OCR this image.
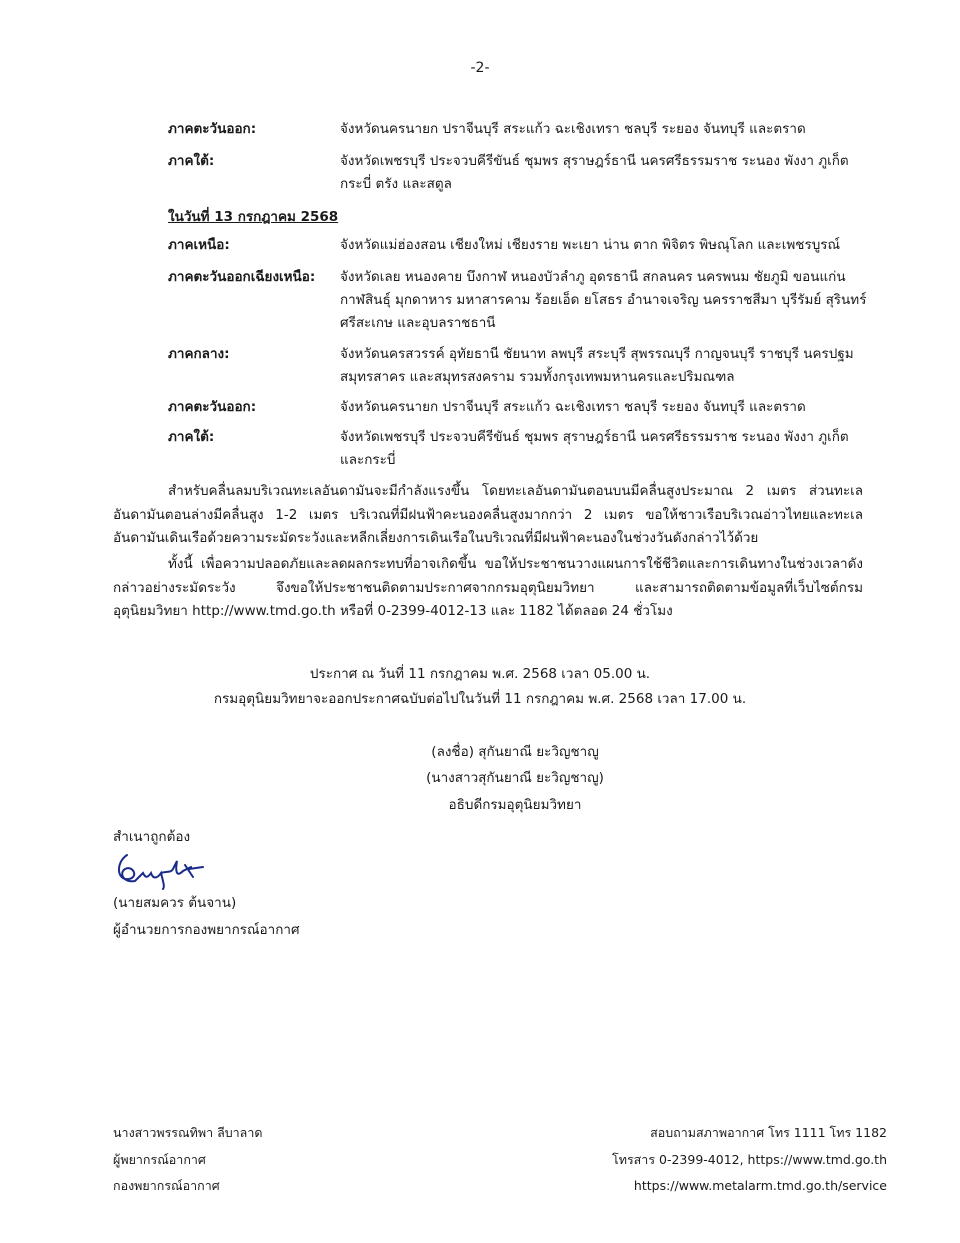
-2-
ภาคตะวันออก:	จังหวัดนครนายก ปราจีนบุรี สระแก้ว ฉะเชิงเทรา ชลบุรี ระยอง จันทบุรี และตราด
ภาคใต้:	จังหวัดเพชรบุรี ประจวบคีรีขันธ์ ชุมพร สุราษฎร์ธานี นครศรีธรรมราช ระนอง พังงา ภูเก็ต กระบี่ ตรัง และสตูล
ในวันที่ 13 กรกฎาคม 2568
ภาคเหนือ:	จังหวัดแม่ฮ่องสอน เชียงใหม่ เชียงราย พะเยา น่าน ตาก พิจิตร พิษณุโลก และเพชรบูรณ์
ภาคตะวันออกเฉียงเหนือ: จังหวัดเลย หนองคาย บึงกาฬ หนองบัวลำภู อุดรธานี สกลนคร นครพนม ชัยภูมิ ขอนแก่น กาฬสินธุ์ มุกดาหาร มหาสารคาม ร้อยเอ็ด ยโสธร อำนาจเจริญ นครราชสีมา บุรีรัมย์ สุรินทร์ ศรีสะเกษ และอุบลราชธานี
ภาคกลาง:	จังหวัดนครสวรรค์ อุทัยธานี ชัยนาท ลพบุรี สระบุรี สุพรรณบุรี กาญจนบุรี ราชบุรี นครปฐม สมุทรสาคร และสมุทรสงคราม รวมทั้งกรุงเทพมหานครและปริมณฑล
ภาคตะวันออก:	จังหวัดนครนายก ปราจีนบุรี สระแก้ว ฉะเชิงเทรา ชลบุรี ระยอง จันทบุรี และตราด
ภาคใต้:	จังหวัดเพชรบุรี ประจวบคีรีขันธ์ ชุมพร สุราษฎร์ธานี นครศรีธรรมราช ระนอง พังงา ภูเก็ต และกระบี่
สำหรับคลื่นลมบริเวณทะเลอันดามันจะมีกำลังแรงขึ้น โดยทะเลอันดามันตอนบนมีคลื่นสูงประมาณ 2 เมตร ส่วนทะเลอันดามันตอนล่างมีคลื่นสูง 1-2 เมตร บริเวณที่มีฝนฟ้าคะนองคลื่นสูงมากกว่า 2 เมตร ขอให้ชาวเรือบริเวณอ่าวไทยและทะเลอันดามันเดินเรือด้วยความระมัดระวังและหลีกเลี่ยงการเดินเรือในบริเวณที่มีฝนฟ้าคะนองในช่วงวันดังกล่าวไว้ด้วย
ทั้งนี้ เพื่อความปลอดภัยและลดผลกระทบที่อาจเกิดขึ้น ขอให้ประชาชนวางแผนการใช้ชีวิตและการเดินทางในช่วงเวลาดังกล่าวอย่างระมัดระวัง จึงขอให้ประชาชนติดตามประกาศจากกรมอุตุนิยมวิทยา และสามารถติดตามข้อมูลที่เว็บไซต์กรมอุตุนิยมวิทยา http://www.tmd.go.th หรือที่ 0-2399-4012-13 และ 1182 ได้ตลอด 24 ชั่วโมง
ประกาศ ณ วันที่ 11 กรกฎาคม พ.ศ. 2568 เวลา 05.00 น.
กรมอุตุนิยมวิทยาจะออกประกาศฉบับต่อไปในวันที่ 11 กรกฎาคม พ.ศ. 2568 เวลา 17.00 น.
(ลงชื่อ) สุกันยาณี ยะวิญชาญู
(นางสาวสุกันยาณี ยะวิญชาญู)
อธิบดีกรมอุตุนิยมวิทยา
สำเนาถูกต้อง
(นายสมควร ต้นจาน)
ผู้อำนวยการกองพยากรณ์อากาศ
นางสาวพรรณทิพา ลีบาลาด
ผู้พยากรณ์อากาศ
กองพยากรณ์อากาศ
สอบถามสภาพอากาศ โทร 1111 โทร 1182
โทรสาร 0-2399-4012, https://www.tmd.go.th
https://www.metalarm.tmd.go.th/service
